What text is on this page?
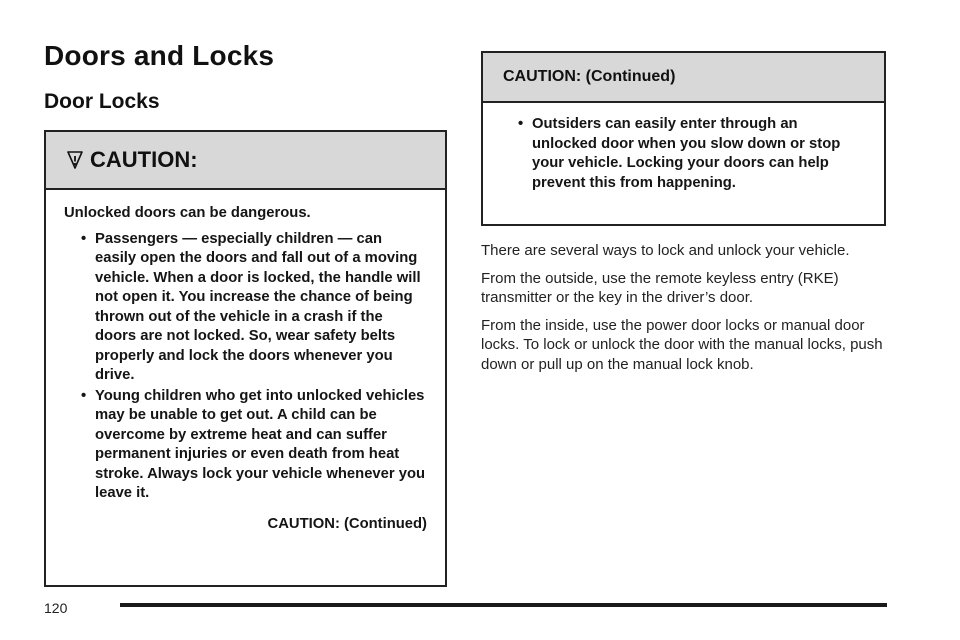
Doors and Locks
Door Locks
CAUTION:

Unlocked doors can be dangerous.

• Passengers — especially children — can easily open the doors and fall out of a moving vehicle. When a door is locked, the handle will not open it. You increase the chance of being thrown out of the vehicle in a crash if the doors are not locked. So, wear safety belts properly and lock the doors whenever you drive.
• Young children who get into unlocked vehicles may be unable to get out. A child can be overcome by extreme heat and can suffer permanent injuries or even death from heat stroke. Always lock your vehicle whenever you leave it.
CAUTION: (Continued)
CAUTION: (Continued)
• Outsiders can easily enter through an unlocked door when you slow down or stop your vehicle. Locking your doors can help prevent this from happening.

There are several ways to lock and unlock your vehicle.

From the outside, use the remote keyless entry (RKE) transmitter or the key in the driver’s door.

From the inside, use the power door locks or manual door locks. To lock or unlock the door with the manual locks, push down or pull up on the manual lock knob.

120
